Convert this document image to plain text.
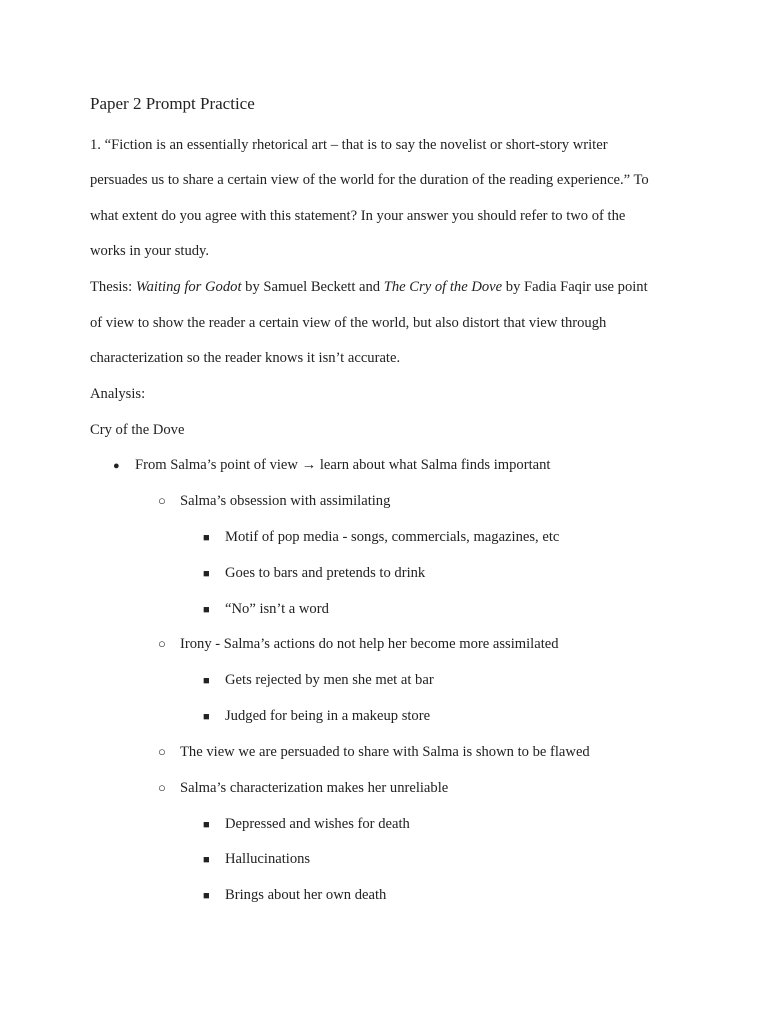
Paper 2 Prompt Practice
1. “Fiction is an essentially rhetorical art – that is to say the novelist or short-story writer
persuades us to share a certain view of the world for the duration of the reading experience.” To
what extent do you agree with this statement? In your answer you should refer to two of the
works in your study.
Thesis: Waiting for Godot by Samuel Beckett and The Cry of the Dove by Fadia Faqir use point
of view to show the reader a certain view of the world, but also distort that view through
characterization so the reader knows it isn’t accurate.
Analysis:
Cry of the Dove
● From Salma’s point of view → learn about what Salma finds important
○ Salma’s obsession with assimilating
■ Motif of pop media - songs, commercials, magazines, etc
■ Goes to bars and pretends to drink
■ “No” isn’t a word
○ Irony - Salma’s actions do not help her become more assimilated
■ Gets rejected by men she met at bar
■ Judged for being in a makeup store
○ The view we are persuaded to share with Salma is shown to be flawed
○ Salma’s characterization makes her unreliable
■ Depressed and wishes for death
■ Hallucinations
■ Brings about her own death
